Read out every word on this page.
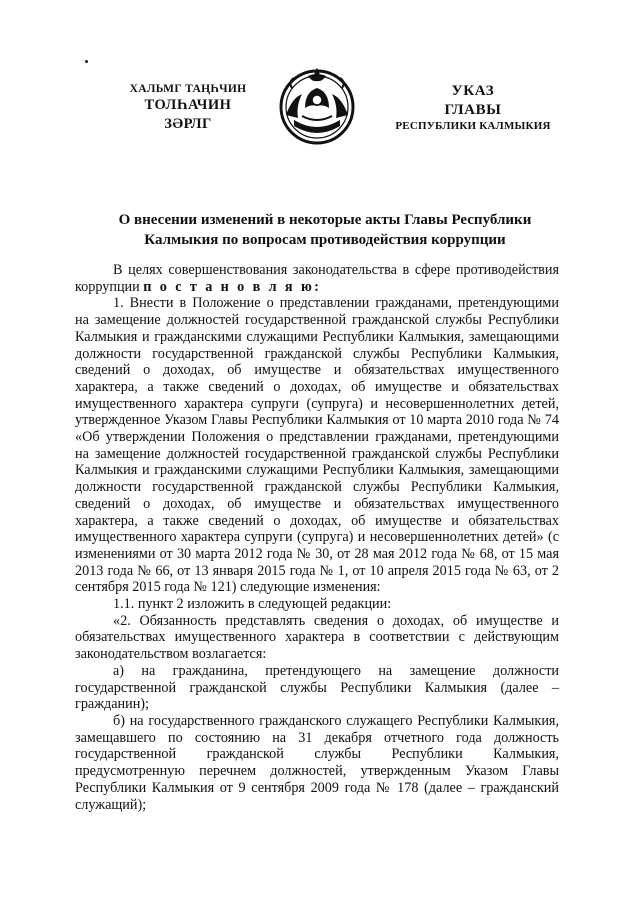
ХАЛЬМГ ТАҢҺЧИН
ТОЛҺАЧИН
ЗӘРЛГ
УКАЗ
ГЛАВЫ
РЕСПУБЛИКИ КАЛМЫКИЯ
О внесении изменений в некоторые акты Главы Республики Калмыкия по вопросам противодействия коррупции

В целях совершенствования законодательства в сфере противодействия коррупции п о с т а н о в л я ю:

1. Внести в Положение о представлении гражданами, претендующими на замещение должностей государственной гражданской службы Республики Калмыкия и гражданскими служащими Республики Калмыкия, замещающими должности государственной гражданской службы Республики Калмыкия, сведений о доходах, об имуществе и обязательствах имущественного характера, а также сведений о доходах, об имуществе и обязательствах имущественного характера супруги (супруга) и несовершеннолетних детей, утвержденное Указом Главы Республики Калмыкия от 10 марта 2010 года № 74 «Об утверждении Положения о представлении гражданами, претендующими на замещение должностей государственной гражданской службы Республики Калмыкия и гражданскими служащими Республики Калмыкия, замещающими должности государственной гражданской службы Республики Калмыкия, сведений о доходах, об имуществе и обязательствах имущественного характера, а также сведений о доходах, об имуществе и обязательствах имущественного характера супруги (супруга) и несовершеннолетних детей» (с изменениями от 30 марта 2012 года № 30, от 28 мая 2012 года № 68, от 15 мая 2013 года № 66, от 13 января 2015 года № 1, от 10 апреля 2015 года № 63, от 2 сентября 2015 года № 121) следующие изменения:

1.1. пункт 2 изложить в следующей редакции:

«2. Обязанность представлять сведения о доходах, об имуществе и обязательствах имущественного характера в соответствии с действующим законодательством возлагается:

а) на гражданина, претендующего на замещение должности государственной гражданской службы Республики Калмыкия (далее – гражданин);

б) на государственного гражданского служащего Республики Калмыкия, замещавшего по состоянию на 31 декабря отчетного года должность государственной гражданской службы Республики Калмыкия, предусмотренную перечнем должностей, утвержденным Указом Главы Республики Калмыкия от 9 сентября 2009 года № 178 (далее – гражданский служащий);
